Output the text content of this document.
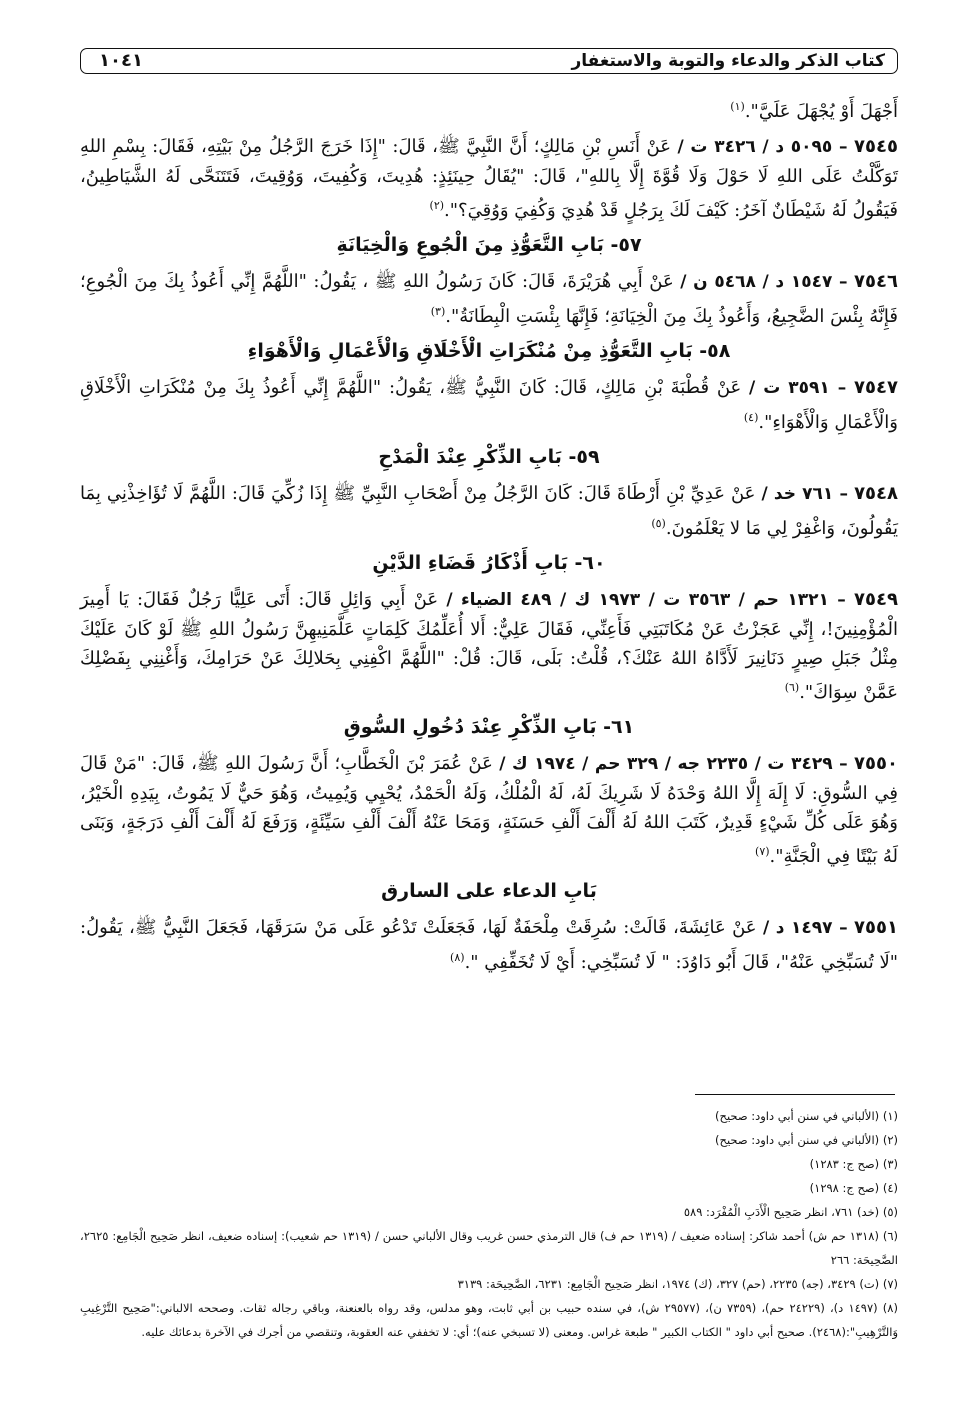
كتاب الذكر والدعاء والتوبة والاستغفار
١٠٤١

أَجْهَلَ أَوْ يُجْهَلَ عَلَيَّ".$^{(١)}$

٧٥٤٥ – ٥٠٩٥ د / ٣٤٢٦ ت / عَنْ أَنَسِ بْنِ مَالِكٍ؛ أَنَّ النَّبِيَّ ﷺ، قَالَ: "إِذَا خَرَجَ الرَّجُلُ مِنْ بَيْتِهِ، فَقَالَ: بِسْمِ اللهِ تَوَكَّلْتُ عَلَى اللهِ لَا حَوْلَ وَلَا قُوَّةَ إِلَّا بِاللهِ"، قَالَ: "يُقَالُ حِينَئِذٍ: هُدِيتَ، وَكُفِيتَ، وَوُقِيتَ، فَتَتَنَحَّى لَهُ الشَّيَاطِينُ، فَيَقُولُ لَهُ شَيْطَانٌ آخَرُ: كَيْفَ لَكَ بِرَجُلٍ قَدْ هُدِيَ وَكُفِيَ وَوُقِيَ؟".$^{(٢)}$

٥٧- بَابِ التَّعَوُّذِ مِنَ الْجُوعِ وَالْخِيَانَةِ

٧٥٤٦ – ١٥٤٧ د / ٥٤٦٨ ن / عَنْ أَبِي هُرَيْرَةَ، قَالَ: كَانَ رَسُولُ اللهِ ﷺ ، يَقُولُ: "اللَّهُمَّ إِنِّي أَعُوذُ بِكَ مِنَ الْجُوعِ؛ فَإِنَّهُ بِئْسَ الضَّجِيعُ، وَأَعُوذُ بِكَ مِنَ الْخِيَانَةِ؛ فَإِنَّهَا بِئْسَتِ الْبِطَانَةُ".$^{(٣)}$

٥٨- بَابِ التَّعَوُّذِ مِنْ مُنْكَرَاتِ الْأَخْلَاقِ وَالْأَعْمَالِ وَالْأَهْوَاءِ

٧٥٤٧ – ٣٥٩١ ت / عَنْ قُطْبَةَ بْنِ مَالِكٍ، قَالَ: كَانَ النَّبِيُّ ﷺ، يَقُولُ: "اللَّهُمَّ إِنِّي أَعُوذُ بِكَ مِنْ مُنْكَرَاتِ الْأَخْلَاقِ وَالْأَعْمَالِ وَالْأَهْوَاءِ".$^{(٤)}$

٥٩- بَابِ الذِّكْرِ عِنْدَ الْمَدْحِ

٧٥٤٨ – ٧٦١ خد / عَنْ عَدِيِّ بْنِ أَرْطَاةَ قَالَ: كَانَ الرَّجُلُ مِنْ أَصْحَابِ النَّبِيِّ ﷺ إِذَا زُكِّيَ قَالَ: اللَّهُمَّ لَا تُؤَاخِذْنِي بِمَا يَقُولُونَ، وَاغْفِرْ لِي مَا لا يَعْلَمُونَ.$^{(٥)}$

٦٠- بَابِ أَذْكَارُ قَضَاءِ الدَّيْنِ

٧٥٤٩ – ١٣٢١ حم / ٣٥٦٣ ت / ١٩٧٣ ك / ٤٨٩ الضياء / عَنْ أَبِي وَائِلٍ قَالَ: أَتَى عَلِيًّا رَجُلٌ فَقَالَ: يَا أَمِيرَ الْمُؤْمِنِينَ!، إِنِّي عَجَزْتُ عَنْ مُكَاتَبَتِي فَأَعِنِّي، فَقَالَ عَلِيٌّ: أَلا أُعَلِّمُكَ كَلِمَاتٍ عَلَّمَنِيهِنَّ رَسُولُ اللهِ ﷺ لَوْ كَانَ عَلَيْكَ مِثْلُ جَبَلِ صِيرٍ دَنَانِيرَ لَأَدَّاهُ اللهُ عَنْكَ؟، قُلْتُ: بَلَى، قَالَ: قُلْ: "اللَّهُمَّ اكْفِنِي بِحَلالِكَ عَنْ حَرَامِكَ، وَأَغْنِنِي بِفَضْلِكَ عَمَّنْ سِوَاكَ".$^{(٦)}$

٦١- بَابِ الذِّكْرِ عِنْدَ دُخُولِ السُّوقِ

٧٥٥٠ – ٣٤٢٩ ت / ٢٢٣٥ جه / ٣٢٩ حم / ١٩٧٤ ك / عَنْ عُمَرَ بْنَ الْخَطَّابِ؛ أَنَّ رَسُولَ اللهِ ﷺ، قَالَ: "مَنْ قَالَ فِي السُّوقِ: لَا إِلَهَ إِلَّا اللهُ وَحْدَهُ لَا شَرِيكَ لَهُ، لَهُ الْمُلْكُ، وَلَهُ الْحَمْدُ، يُحْيِي وَيُمِيتُ، وَهُوَ حَيٌّ لَا يَمُوتُ، بِيَدِهِ الْخَيْرُ، وَهُوَ عَلَى كُلِّ شَيْءٍ قَدِيرٌ، كَتَبَ اللهُ لَهُ أَلْفَ أَلْفِ حَسَنَةٍ، وَمَحَا عَنْهُ أَلْفَ أَلْفِ سَيِّئَةٍ، وَرَفَعَ لَهُ أَلْفَ أَلْفِ دَرَجَةٍ، وَبَنَى لَهُ بَيْتًا فِي الْجَنَّةِ".$^{(٧)}$

بَابِ الدعاء على السارق

٧٥٥١ – ١٤٩٧ د / عَنْ عَائِشَةَ، قَالَتْ: سُرِقَتْ مِلْحَفَةٌ لَهَا، فَجَعَلَتْ تَدْعُو عَلَى مَنْ سَرَقَهَا، فَجَعَلَ النَّبِيُّ ﷺ، يَقُولُ: "لَا تُسَبِّخِي عَنْهُ"، قَالَ أَبُو دَاوُدَ: " لَا تُسَبِّخِي: أَيْ لَا تُخَفِّفِي ".$^{(٨)}$

(١) (الألباني في سنن أبي داود: صحيح)

(٢) (الألباني في سنن أبي داود: صحيح)

(٣) (صح ج: ١٢٨٣)

(٤) (صح ج: ١٢٩٨)

(٥) (خد) ٧٦١، انظر صَحِيح الْأَدَبِ الْمُفْرَد: ٥٨٩

(٦) (١٣١٨ حم ش) أحمد شاكر: إسناده ضعيف / (١٣١٩ حم ف) قال الترمذي حسن غريب وقال الألباني حسن / (١٣١٩ حم شعيب): إسناده ضعيف، انظر صَحِيح الْجَامِع: ٢٦٢٥، الصَّحِيحَة: ٢٦٦

(٧) (ت) ٣٤٢٩، (جه) ٢٢٣٥، (حم) ٣٢٧، (ك) ١٩٧٤، انظر صَحِيح الْجَامِع: ٦٢٣١، الصَّحِيحَة: ٣١٣٩

(٨) (١٤٩٧ د)، (٢٤٢٢٩ حم)، (٧٣٥٩ ن)، (٢٩٥٧٧ ش)، في سنده حبيب بن أبي ثابت، وهو مدلس، وقد رواه بالعنعنة، وباقي رجاله ثقات. وصححه الالباني:"صَحِيح التَّرْغِيبِ وَالتَّرْهِيبِ":(٢٤٦٨). صحيح أبي داود " الكتاب الكبير " طبعة غراس. ومعنى (لا تسبخي عنه)؛ أي: لا تخففي عنه العقوبة، وتنقصي من أجرك في الآخرة بدعائك عليه.
